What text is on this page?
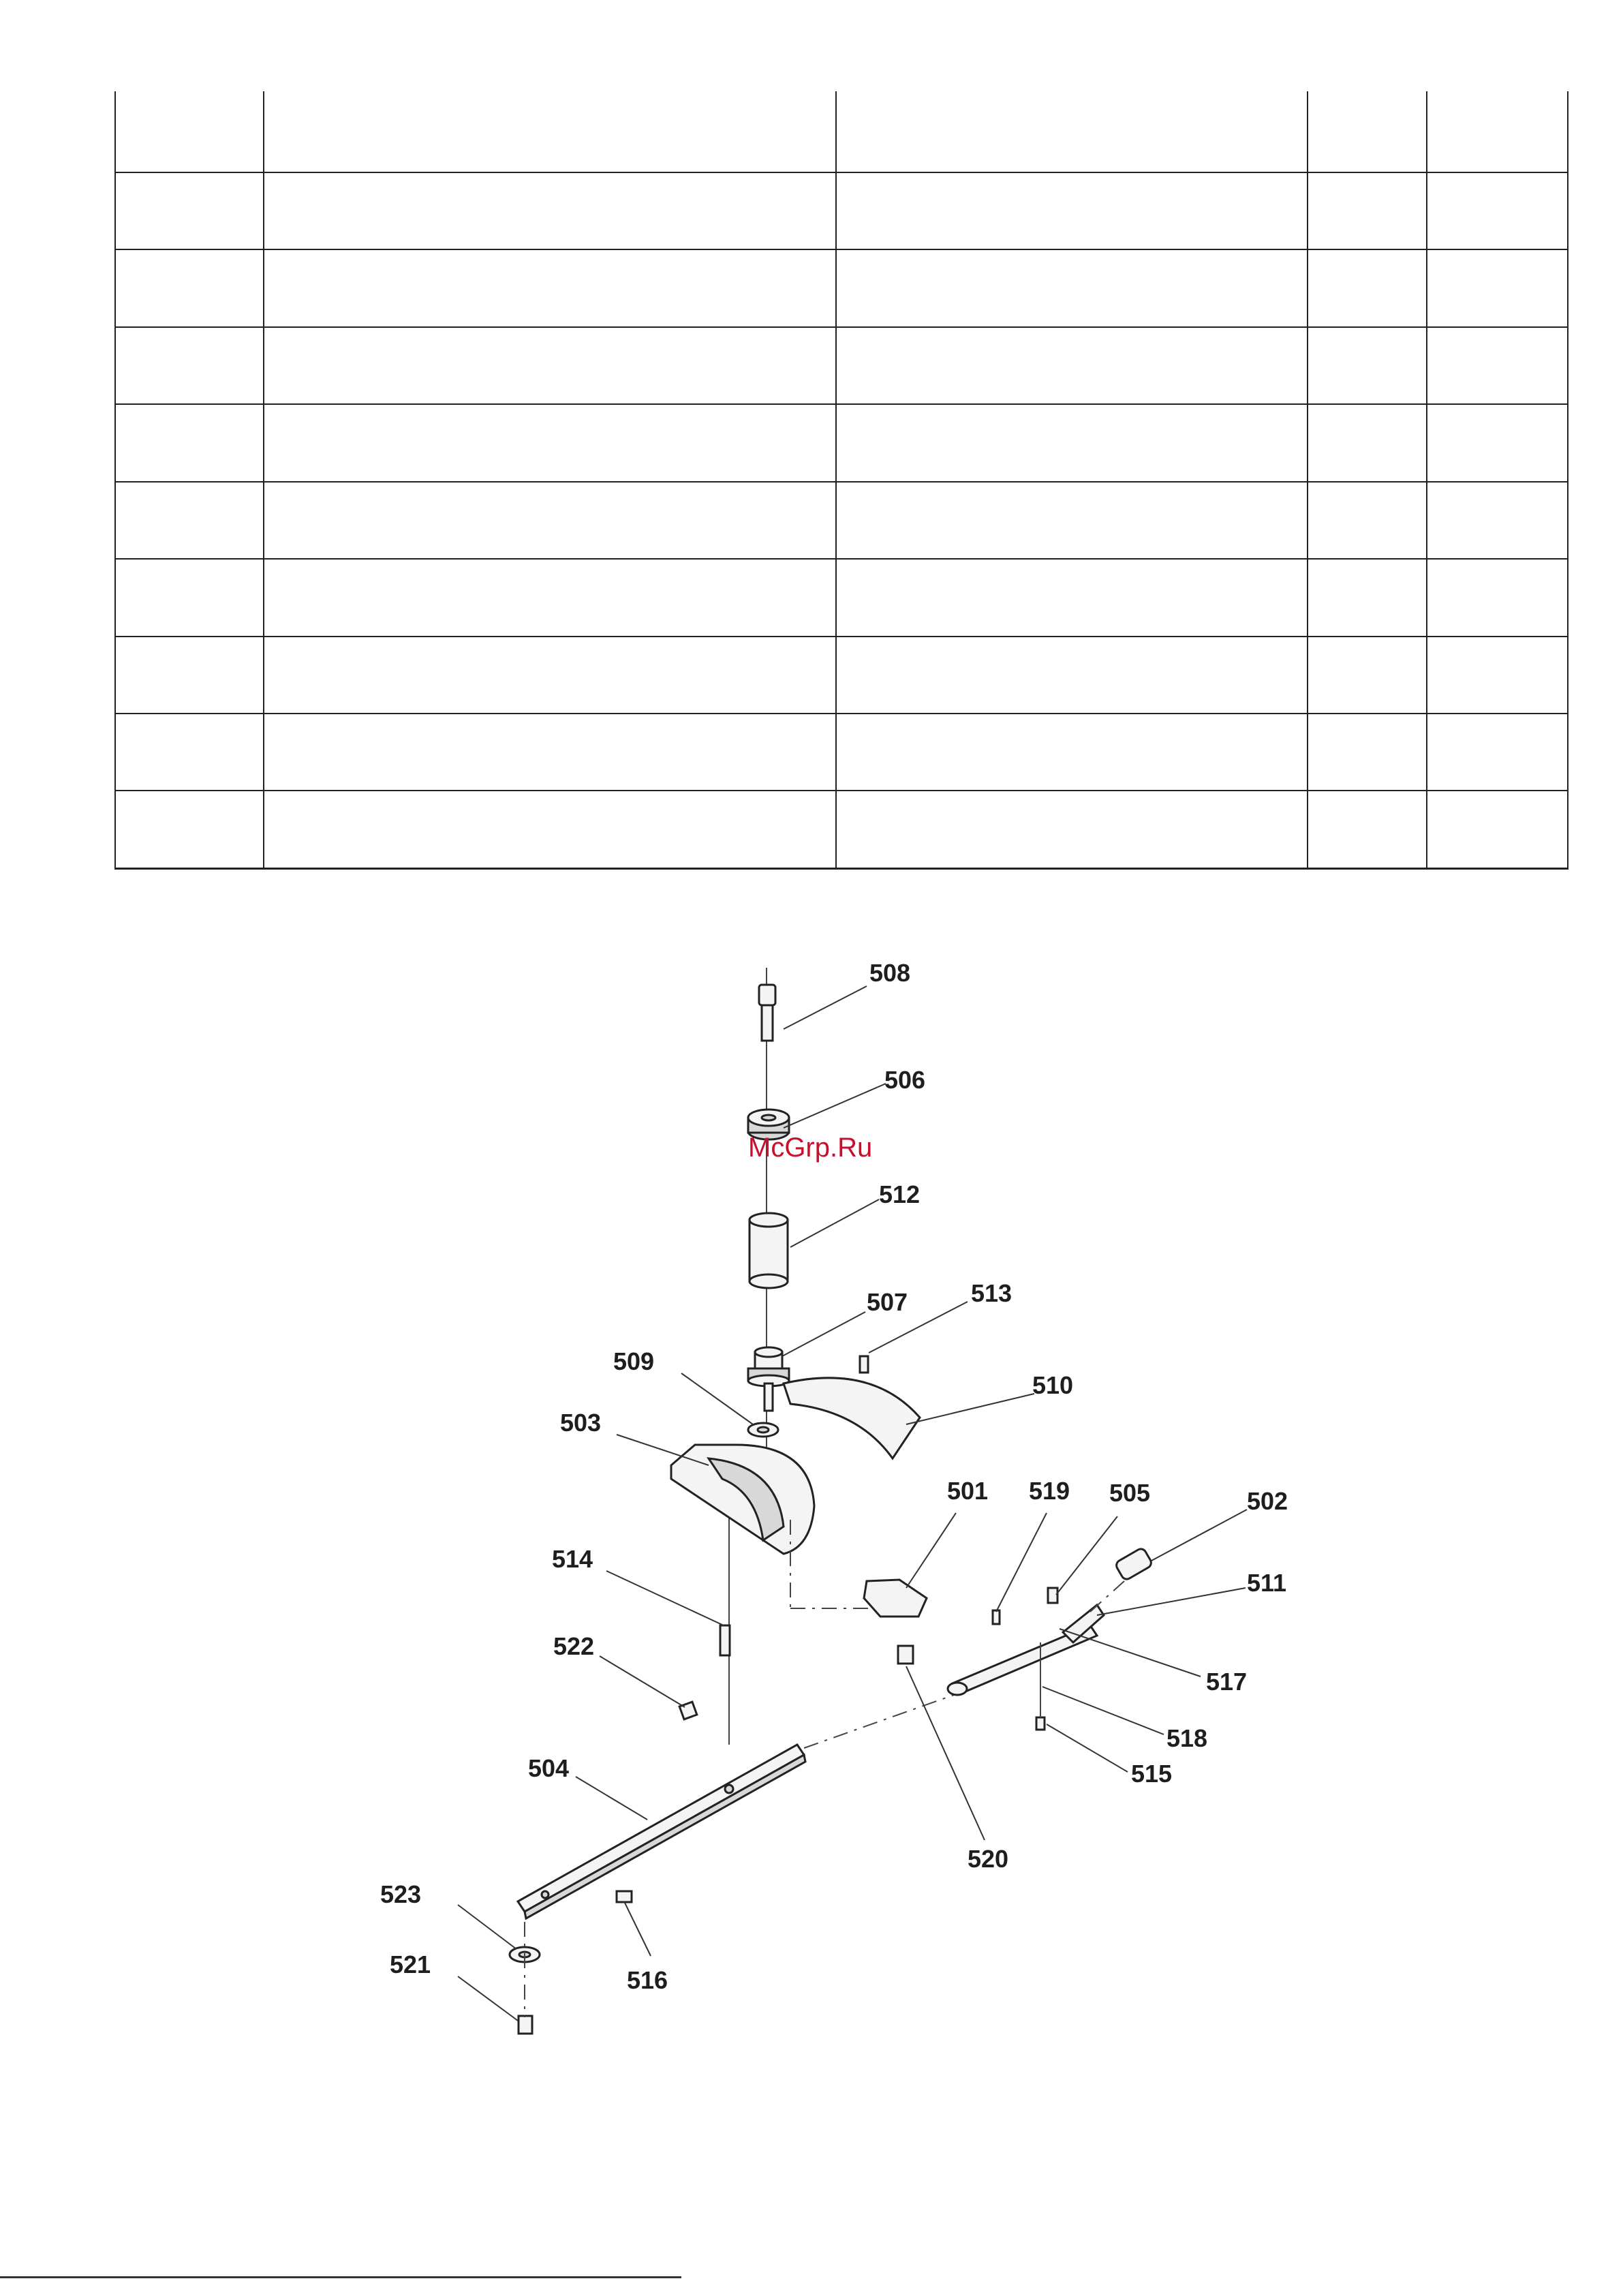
508
506
512
507	513
509
510
503
501 519 505	502
511
517
518
515
520
514
522
504
516
523
521
McGrp.Ru
